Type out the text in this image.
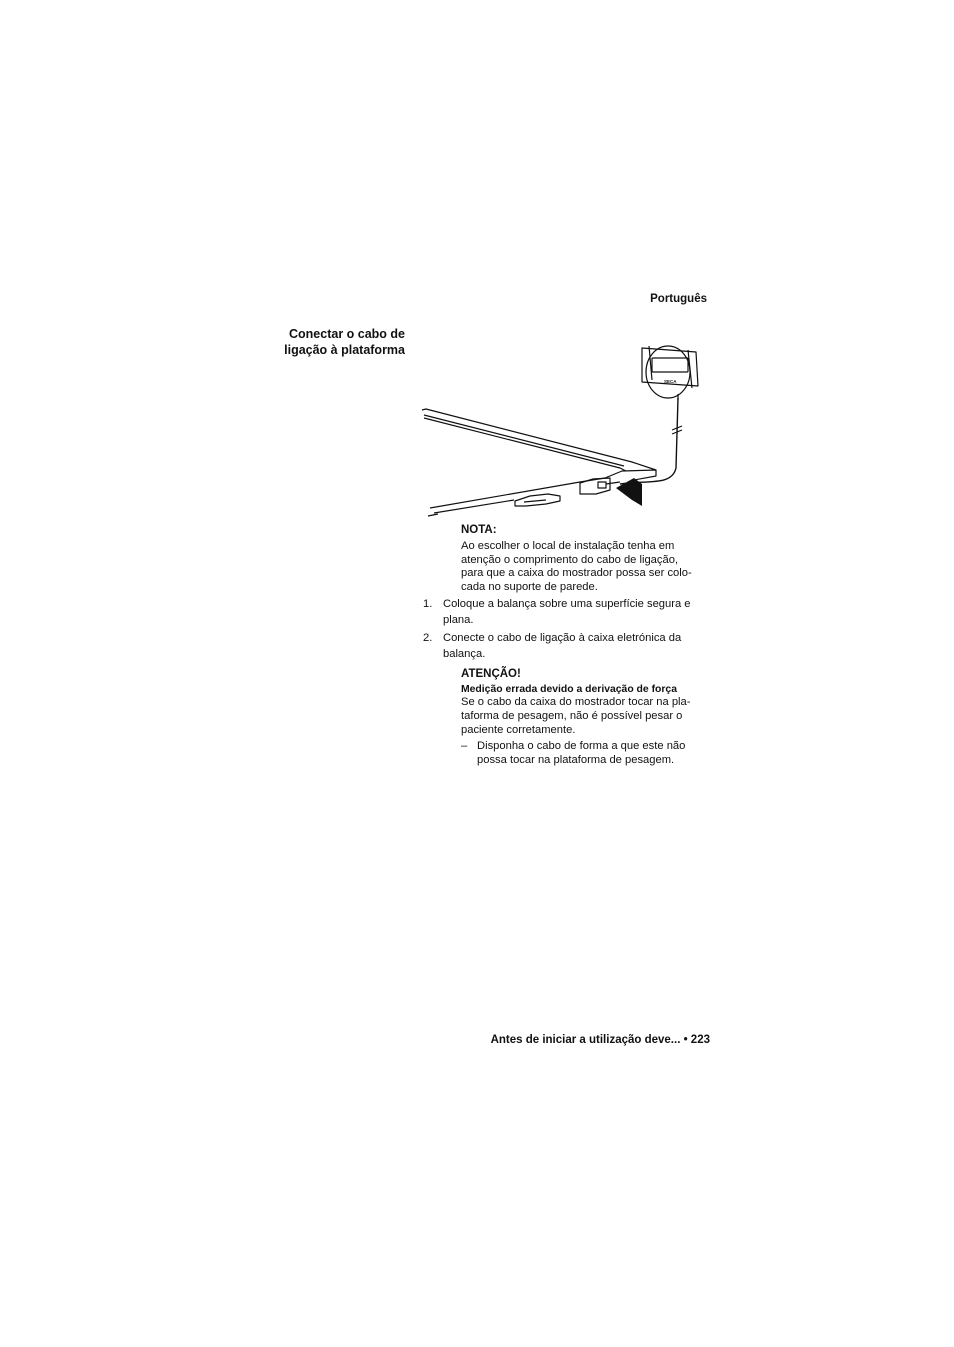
Português
Conectar o cabo de
ligação à plataforma
SECA
NOTA:
Ao escolher o local de instalação tenha em
atenção o comprimento do cabo de ligação,
para que a caixa do mostrador possa ser colo-
cada no suporte de parede.
1. Coloque a balança sobre uma superfície segura e
plana.
2. Conecte o cabo de ligação à caixa eletrónica da
balança.
ATENÇÃO!
Medição errada devido a derivação de força
Se o cabo da caixa do mostrador tocar na pla-
taforma de pesagem, não é possível pesar o
paciente corretamente.
– Disponha o cabo de forma a que este não
possa tocar na plataforma de pesagem.
Antes de iniciar a utilização deve... • 223
